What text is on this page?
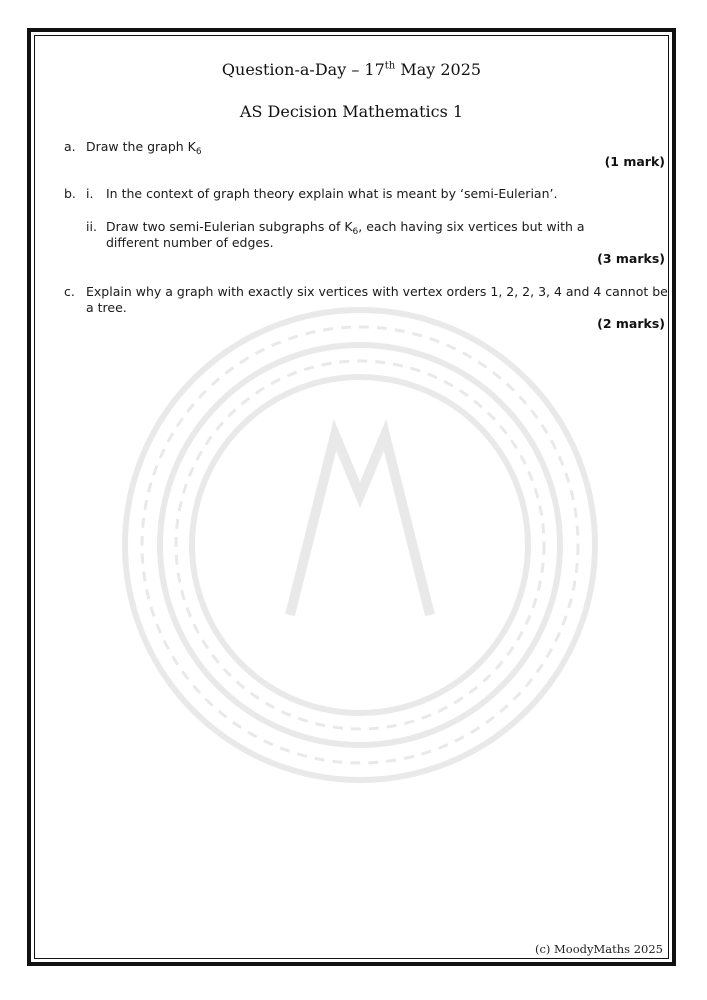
Question-a-Day – 17th May 2025
AS Decision Mathematics 1
a. Draw the graph $K_6$
(1 mark)
b. i. In the context of graph theory explain what is meant by ‘semi-Eulerian’.
ii. Draw two semi-Eulerian subgraphs of $K_6$, each having six vertices but with a
different number of edges.
(3 marks)
c. Explain why a graph with exactly six vertices with vertex orders 1, 2, 2, 3, 4 and 4 cannot be
a tree.
(2 marks)
(c) MoodyMaths 2025
